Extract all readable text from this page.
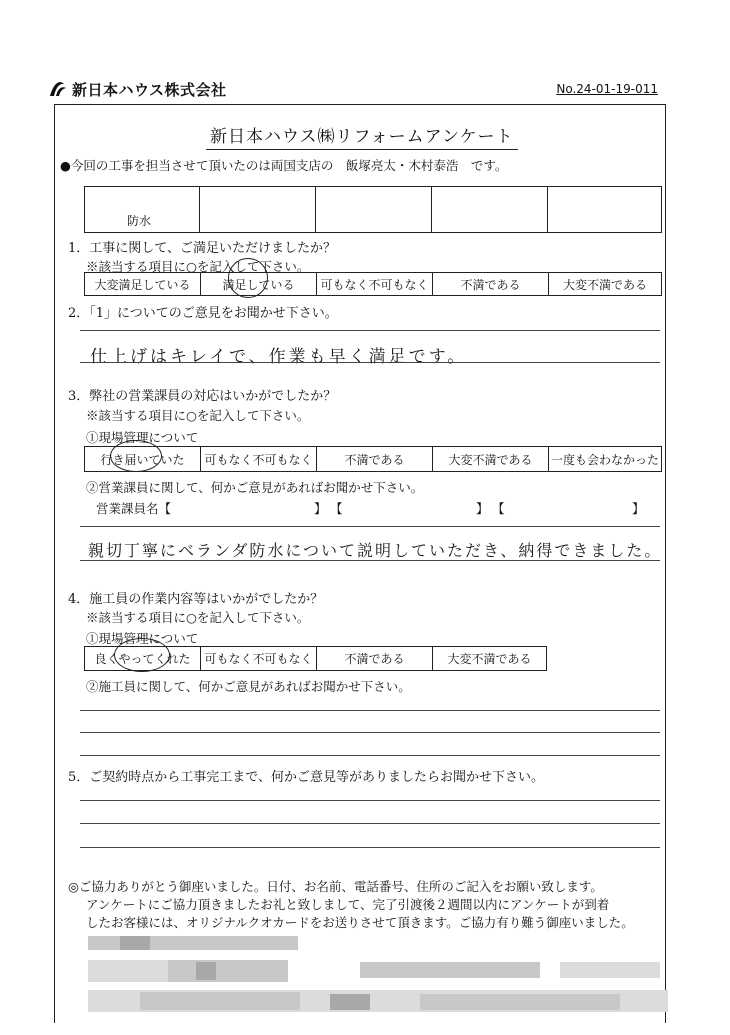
新日本ハウス株式会社	No.24-01-19-011
新日本ハウス㈱リフォームアンケート
●今回の工事を担当させて頂いたのは両国支店の　飯塚亮太・木村泰浩　です。
防水
1．工事に関して、ご満足いただけましたか？
※該当する項目に○を記入して下さい。
大変満足している	満足している	可もなく不可もなく	不満である	大変不満である
2．「1」についてのご意見をお聞かせ下さい。
仕上げはキレイで、作業も早く満足です。
3．弊社の営業課員の対応はいかがでしたか？
※該当する項目に○を記入して下さい。
①現場管理について
行き届いていた	可もなく不可もなく	不満である	大変不満である	一度も会わなかった
②営業課員に関して、何かご意見があればお聞かせ下さい。
営業課員名【	】 【	】 【	】
親切丁寧にベランダ防水について説明していただき、納得できました。
4．施工員の作業内容等はいかがでしたか？
※該当する項目に○を記入して下さい。
①現場管理について
良くやってくれた	可もなく不可もなく	不満である	大変不満である
②施工員に関して、何かご意見があればお聞かせ下さい。
5．ご契約時点から工事完工まで、何かご意見等がありましたらお聞かせ下さい。
◎ご協力ありがとう御座いました。日付、お名前、電話番号、住所のご記入をお願い致します。
アンケートにご協力頂きましたお礼と致しまして、完了引渡後２週間以内にアンケートが到着
したお客様には、オリジナルクオカードをお送りさせて頂きます。ご協力有り難う御座いました。
